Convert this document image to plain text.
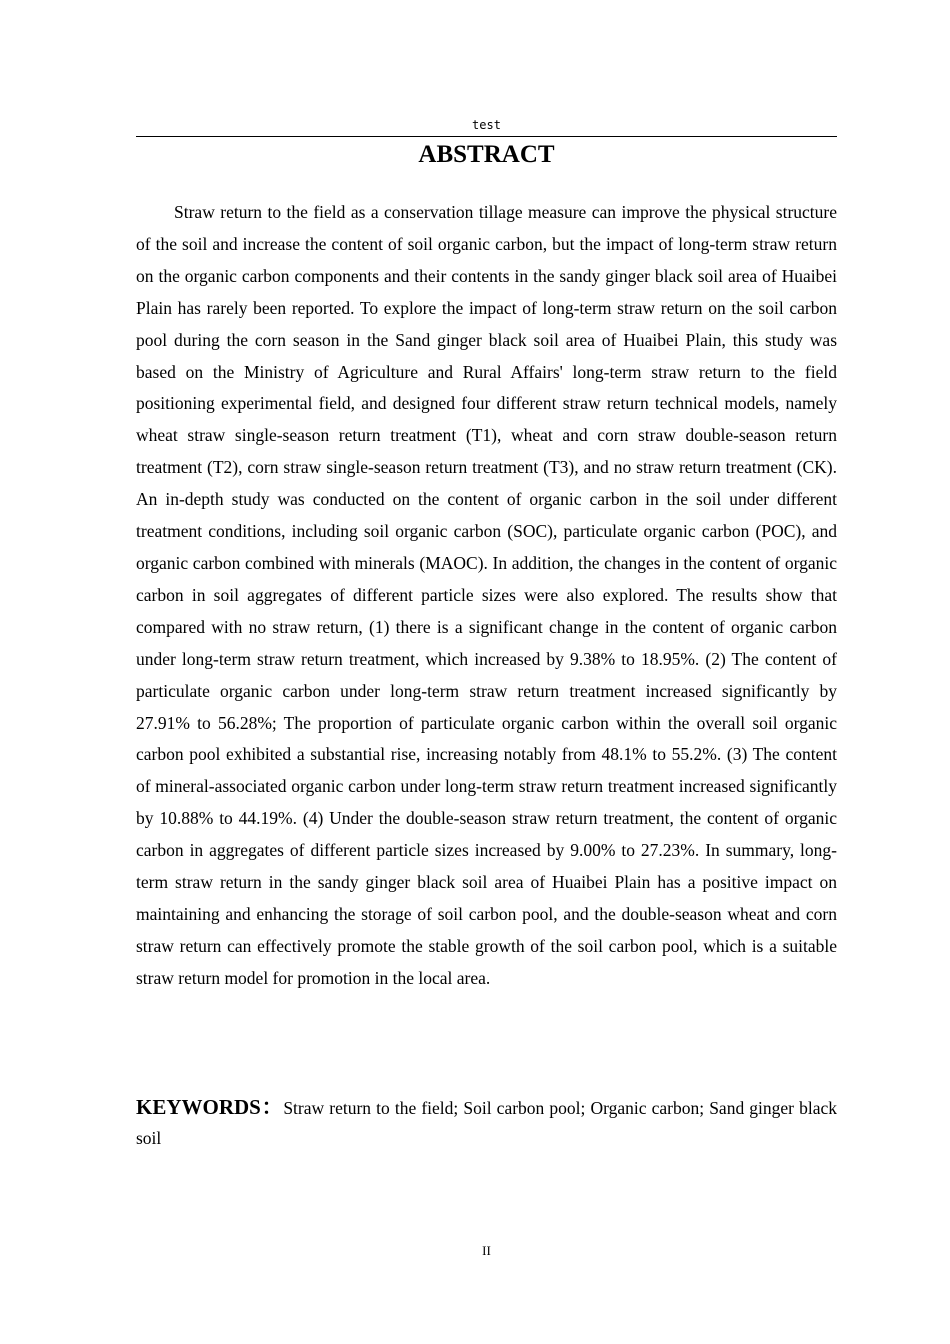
test
ABSTRACT

Straw return to the field as a conservation tillage measure can improve the physical structure of the soil and increase the content of soil organic carbon, but the impact of long-term straw return on the organic carbon components and their contents in the sandy ginger black soil area of Huaibei Plain has rarely been reported. To explore the impact of long-term straw return on the soil carbon pool during the corn season in the Sand ginger black soil area of Huaibei Plain, this study was based on the Ministry of Agriculture and Rural Affairs' long-term straw return to the field positioning experimental field, and designed four different straw return technical models, namely wheat straw single-season return treatment (T1), wheat and corn straw double-season return treatment (T2), corn straw single-season return treatment (T3), and no straw return treatment (CK). An in-depth study was conducted on the content of organic carbon in the soil under different treatment conditions, including soil organic carbon (SOC), particulate organic carbon (POC), and organic carbon combined with minerals (MAOC). In addition, the changes in the content of organic carbon in soil aggregates of different particle sizes were also explored. The results show that compared with no straw return, (1) there is a significant change in the content of organic carbon under long-term straw return treatment, which increased by 9.38% to 18.95%. (2) The content of particulate organic carbon under long-term straw return treatment increased significantly by 27.91% to 56.28%; The proportion of particulate organic carbon within the overall soil organic carbon pool exhibited a substantial rise, increasing notably from 48.1% to 55.2%. (3) The content of mineral-associated organic carbon under long-term straw return treatment increased significantly by 10.88% to 44.19%. (4) Under the double-season straw return treatment, the content of organic carbon in aggregates of different particle sizes increased by 9.00% to 27.23%. In summary, long-term straw return in the sandy ginger black soil area of Huaibei Plain has a positive impact on maintaining and enhancing the storage of soil carbon pool, and the double-season wheat and corn straw return can effectively promote the stable growth of the soil carbon pool, which is a suitable straw return model for promotion in the local area.

KEYWORDS：Straw return to the field; Soil carbon pool; Organic carbon; Sand ginger black soil

II
